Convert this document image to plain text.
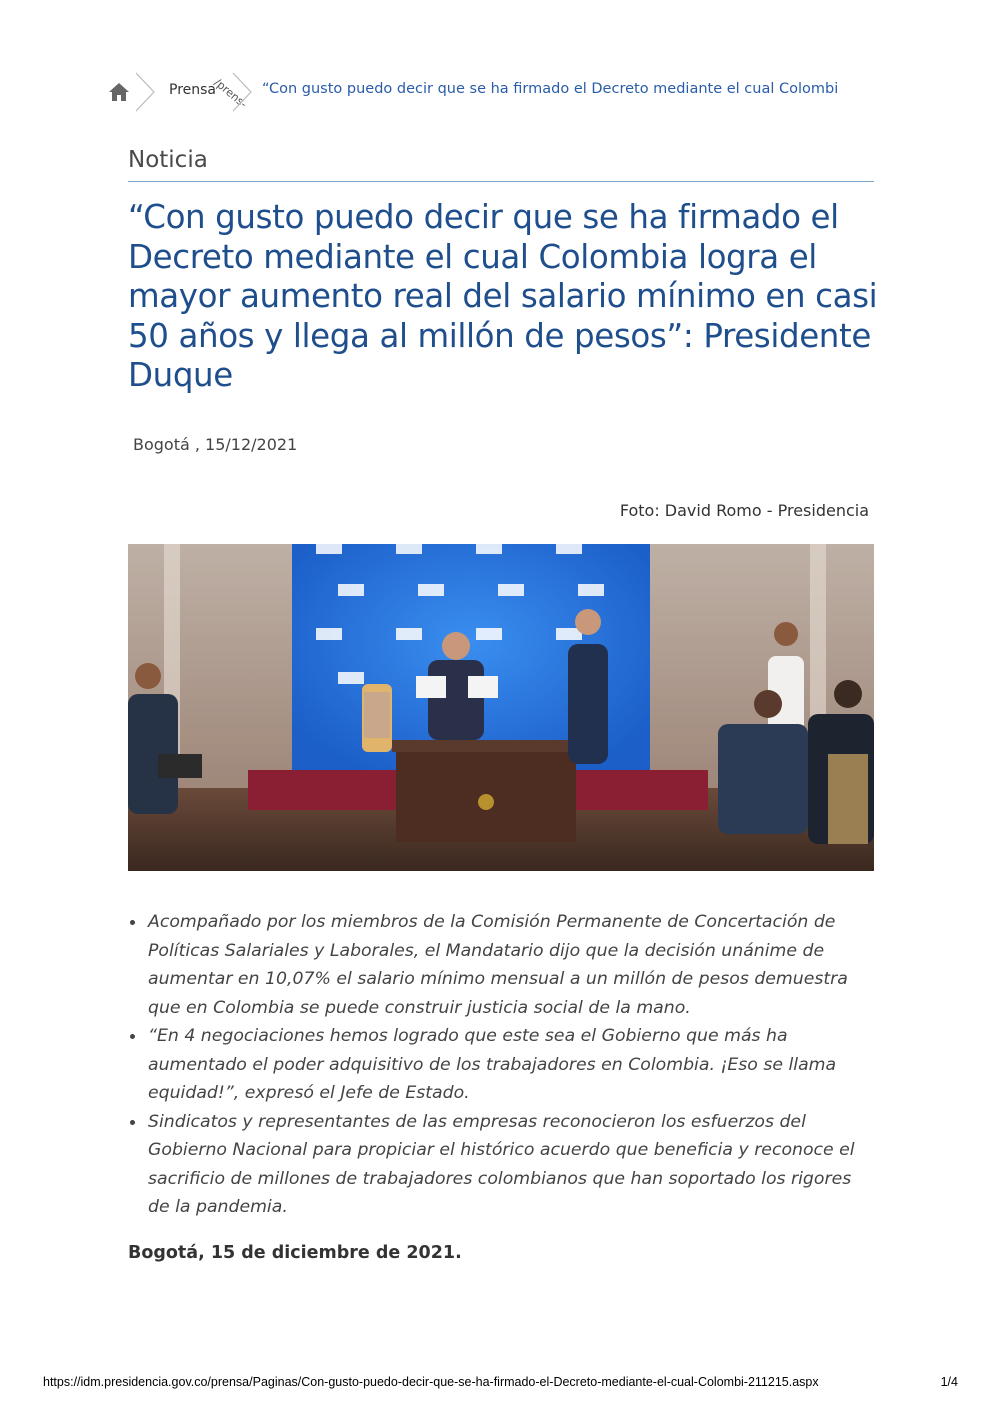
Prensa
/prens- “Con gusto puedo decir que se ha firmado el Decreto mediante el cual Colombi
Noticia
“Con gusto puedo decir que se ha firmado el Decreto mediante el cual Colombia logra el mayor aumento real del salario mínimo en casi 50 años y llega al millón de pesos”: Presidente Duque
Bogotá , 15/12/2021
Foto: David Romo - Presidencia
Acompañado por los miembros de la Comisión Permanente de Concertación de Políticas Salariales y Laborales, el Mandatario dijo que la decisión unánime de aumentar en 10,07% el salario mínimo mensual a un millón de pesos demuestra que en Colombia se puede construir justicia social de la mano.
“En 4 negociaciones hemos logrado que este sea el Gobierno que más ha aumentado el poder adquisitivo de los trabajadores en Colombia. ¡Eso se llama equidad!”, expresó el Jefe de Estado.
Sindicatos y representantes de las empresas reconocieron los esfuerzos del Gobierno Nacional para propiciar el histórico acuerdo que beneficia y reconoce el sacrificio de millones de trabajadores colombianos que han soportado los rigores de la pandemia.
Bogotá, 15 de diciembre de 2021.
https://idm.presidencia.gov.co/prensa/Paginas/Con-gusto-puedo-decir-que-se-ha-firmado-el-Decreto-mediante-el-cual-Colombi-211215.aspx	1/4
